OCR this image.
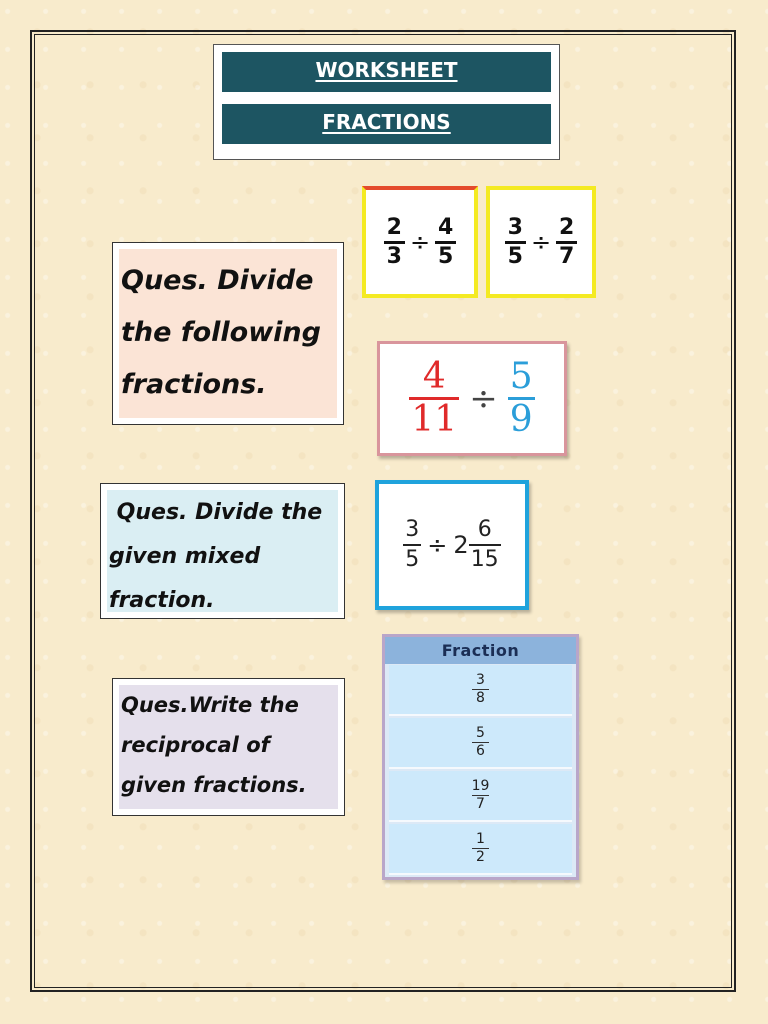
WORKSHEET
FRACTIONS
Ques. Divide the following fractions.
Ques. Divide the given mixed fraction.
Ques.Write the reciprocal of given fractions.
$\frac{2}{3} \div \frac{4}{5} \frac{3}{5} \div \frac{2}{7}$
$\frac{4}{11} \div \frac{5}{9}$
$\frac{3}{5} \div 2 \frac{6}{15}$
Fraction
$\frac{3}{8}$
$\frac{5}{6}$
$\frac{19}{7}$
$\frac{1}{2}$
